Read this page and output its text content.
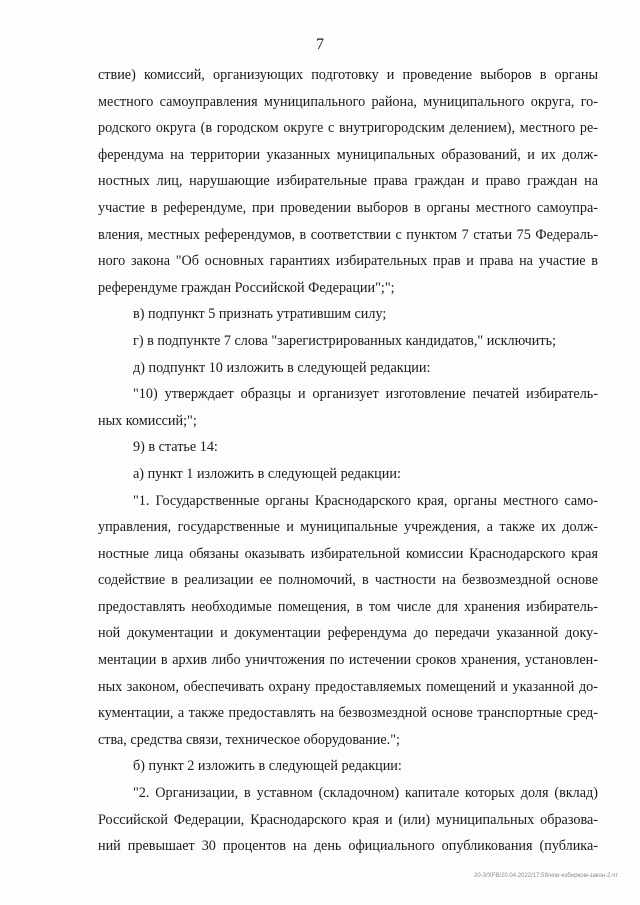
7
ствие) комиссий, организующих подготовку и проведение выборов в органы
местного самоуправления муниципального района, муниципального округа, го-
родского округа (в городском округе с внутригородским делением), местного ре-
ферендума на территории указанных муниципальных образований, и их долж-
ностных лиц, нарушающие избирательные права граждан и право граждан на
участие в референдуме, при проведении выборов в органы местного самоупра-
вления, местных референдумов, в соответствии с пунктом 7 статьи 75 Федераль-
ного закона "Об основных гарантиях избирательных прав и права на участие в
референдуме граждан Российской Федерации";";
в) подпункт 5 признать утратившим силу;
г) в подпункте 7 слова "зарегистрированных кандидатов," исключить;
д) подпункт 10 изложить в следующей редакции:
"10) утверждает образцы и организует изготовление печатей избиратель-
ных комиссий;";
9) в статье 14:
а) пункт 1 изложить в следующей редакции:
"1. Государственные органы Краснодарского края, органы местного само-
управления, государственные и муниципальные учреждения, а также их долж-
ностные лица обязаны оказывать избирательной комиссии Краснодарского края
содействие в реализации ее полномочий, в частности на безвозмездной основе
предоставлять необходимые помещения, в том числе для хранения избиратель-
ной документации и документации референдума до передачи указанной доку-
ментации в архив либо уничтожения по истечении сроков хранения, установлен-
ных законом, обеспечивать охрану предоставляемых помещений и указанной до-
кументации, а также предоставлять на безвозмездной основе транспортные сред-
ства, средства связи, техническое оборудование.";
б) пункт 2 изложить в следующей редакции:
"2. Организации, в уставном (складочном) капитале которых доля (вклад)
Российской Федерации, Краснодарского края и (или) муниципальных образова-
ний превышает 30 процентов на день официального опубликования (публика-
20-3/XFB/20.04.2022/17:59/нпи-избирком-закон-2.чт
